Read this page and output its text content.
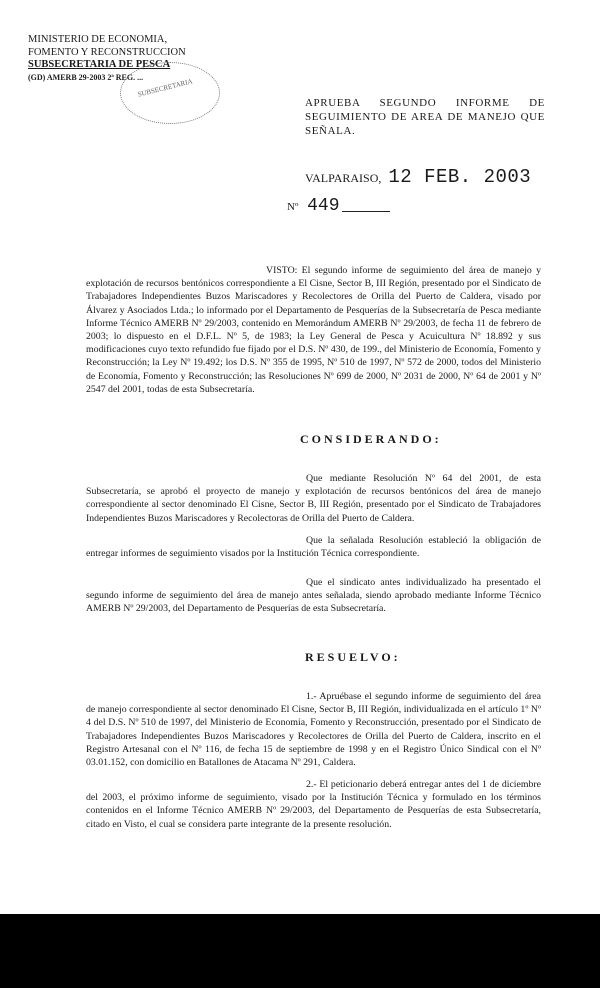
MINISTERIO DE ECONOMIA,
FOMENTO Y RECONSTRUCCION
SUBSECRETARIA DE PESCA
(GD) AMERB 29-2003 2ª REG. ...
SUBSECRETARIA
APRUEBA SEGUNDO INFORME DE SEGUIMIENTO DE AREA DE MANEJO QUE SEÑALA.
VALPARAISO, 12 FEB. 2003
Nº 449
VISTO: El segundo informe de seguimiento del área de manejo y explotación de recursos bentónicos correspondiente a El Cisne, Sector B, III Región, presentado por el Sindicato de Trabajadores Independientes Buzos Mariscadores y Recolectores de Orilla del Puerto de Caldera, visado por Álvarez y Asociados Ltda.; lo informado por el Departamento de Pesquerías de la Subsecretaría de Pesca mediante Informe Técnico AMERB Nº 29/2003, contenido en Memorándum AMERB Nº 29/2003, de fecha 11 de febrero de 2003; lo dispuesto en el D.F.L. Nº 5, de 1983; la Ley General de Pesca y Acuicultura Nº 18.892 y sus modificaciones cuyo texto refundido fue fijado por el D.S. Nº 430, de 199., del Ministerio de Economía, Fomento y Reconstrucción; la Ley Nº 19.492; los D.S. Nº 355 de 1995, Nº 510 de 1997, Nº 572 de 2000, todos del Ministerio de Economía, Fomento y Reconstrucción; las Resoluciones Nº 699 de 2000, Nº 2031 de 2000, Nº 64 de 2001 y Nº 2547 del 2001, todas de esta Subsecretaría.
CONSIDERANDO:
Que mediante Resolución Nº 64 del 2001, de esta Subsecretaría, se aprobó el proyecto de manejo y explotación de recursos bentónicos del área de manejo correspondiente al sector denominado El Cisne, Sector B, III Región, presentado por el Sindicato de Trabajadores Independientes Buzos Mariscadores y Recolectoras de Orilla del Puerto de Caldera.
Que la señalada Resolución estableció la obligación de entregar informes de seguimiento visados por la Institución Técnica correspondiente.
Que el sindicato antes individualizado ha presentado el segundo informe de seguimiento del área de manejo antes señalada, siendo aprobado mediante Informe Técnico AMERB Nº 29/2003, del Departamento de Pesquerías de esta Subsecretaría.
RESUELVO:
1.- Apruébase el segundo informe de seguimiento del área de manejo correspondiente al sector denominado El Cisne, Sector B, III Región, individualizada en el artículo 1º Nº 4 del D.S. Nº 510 de 1997, del Ministerio de Economía, Fomento y Reconstrucción, presentado por el Sindicato de Trabajadores Independientes Buzos Mariscadores y Recolectores de Orilla del Puerto de Caldera, inscrito en el Registro Artesanal con el Nº 116, de fecha 15 de septiembre de 1998 y en el Registro Único Sindical con el Nº 03.01.152, con domicilio en Batallones de Atacama Nº 291, Caldera.
2.- El peticionario deberá entregar antes del 1 de diciembre del 2003, el próximo informe de seguimiento, visado por la Institución Técnica y formulado en los términos contenidos en el Informe Técnico AMERB Nº 29/2003, del Departamento de Pesquerías de esta Subsecretaría, citado en Visto, el cual se considera parte integrante de la presente resolución.
